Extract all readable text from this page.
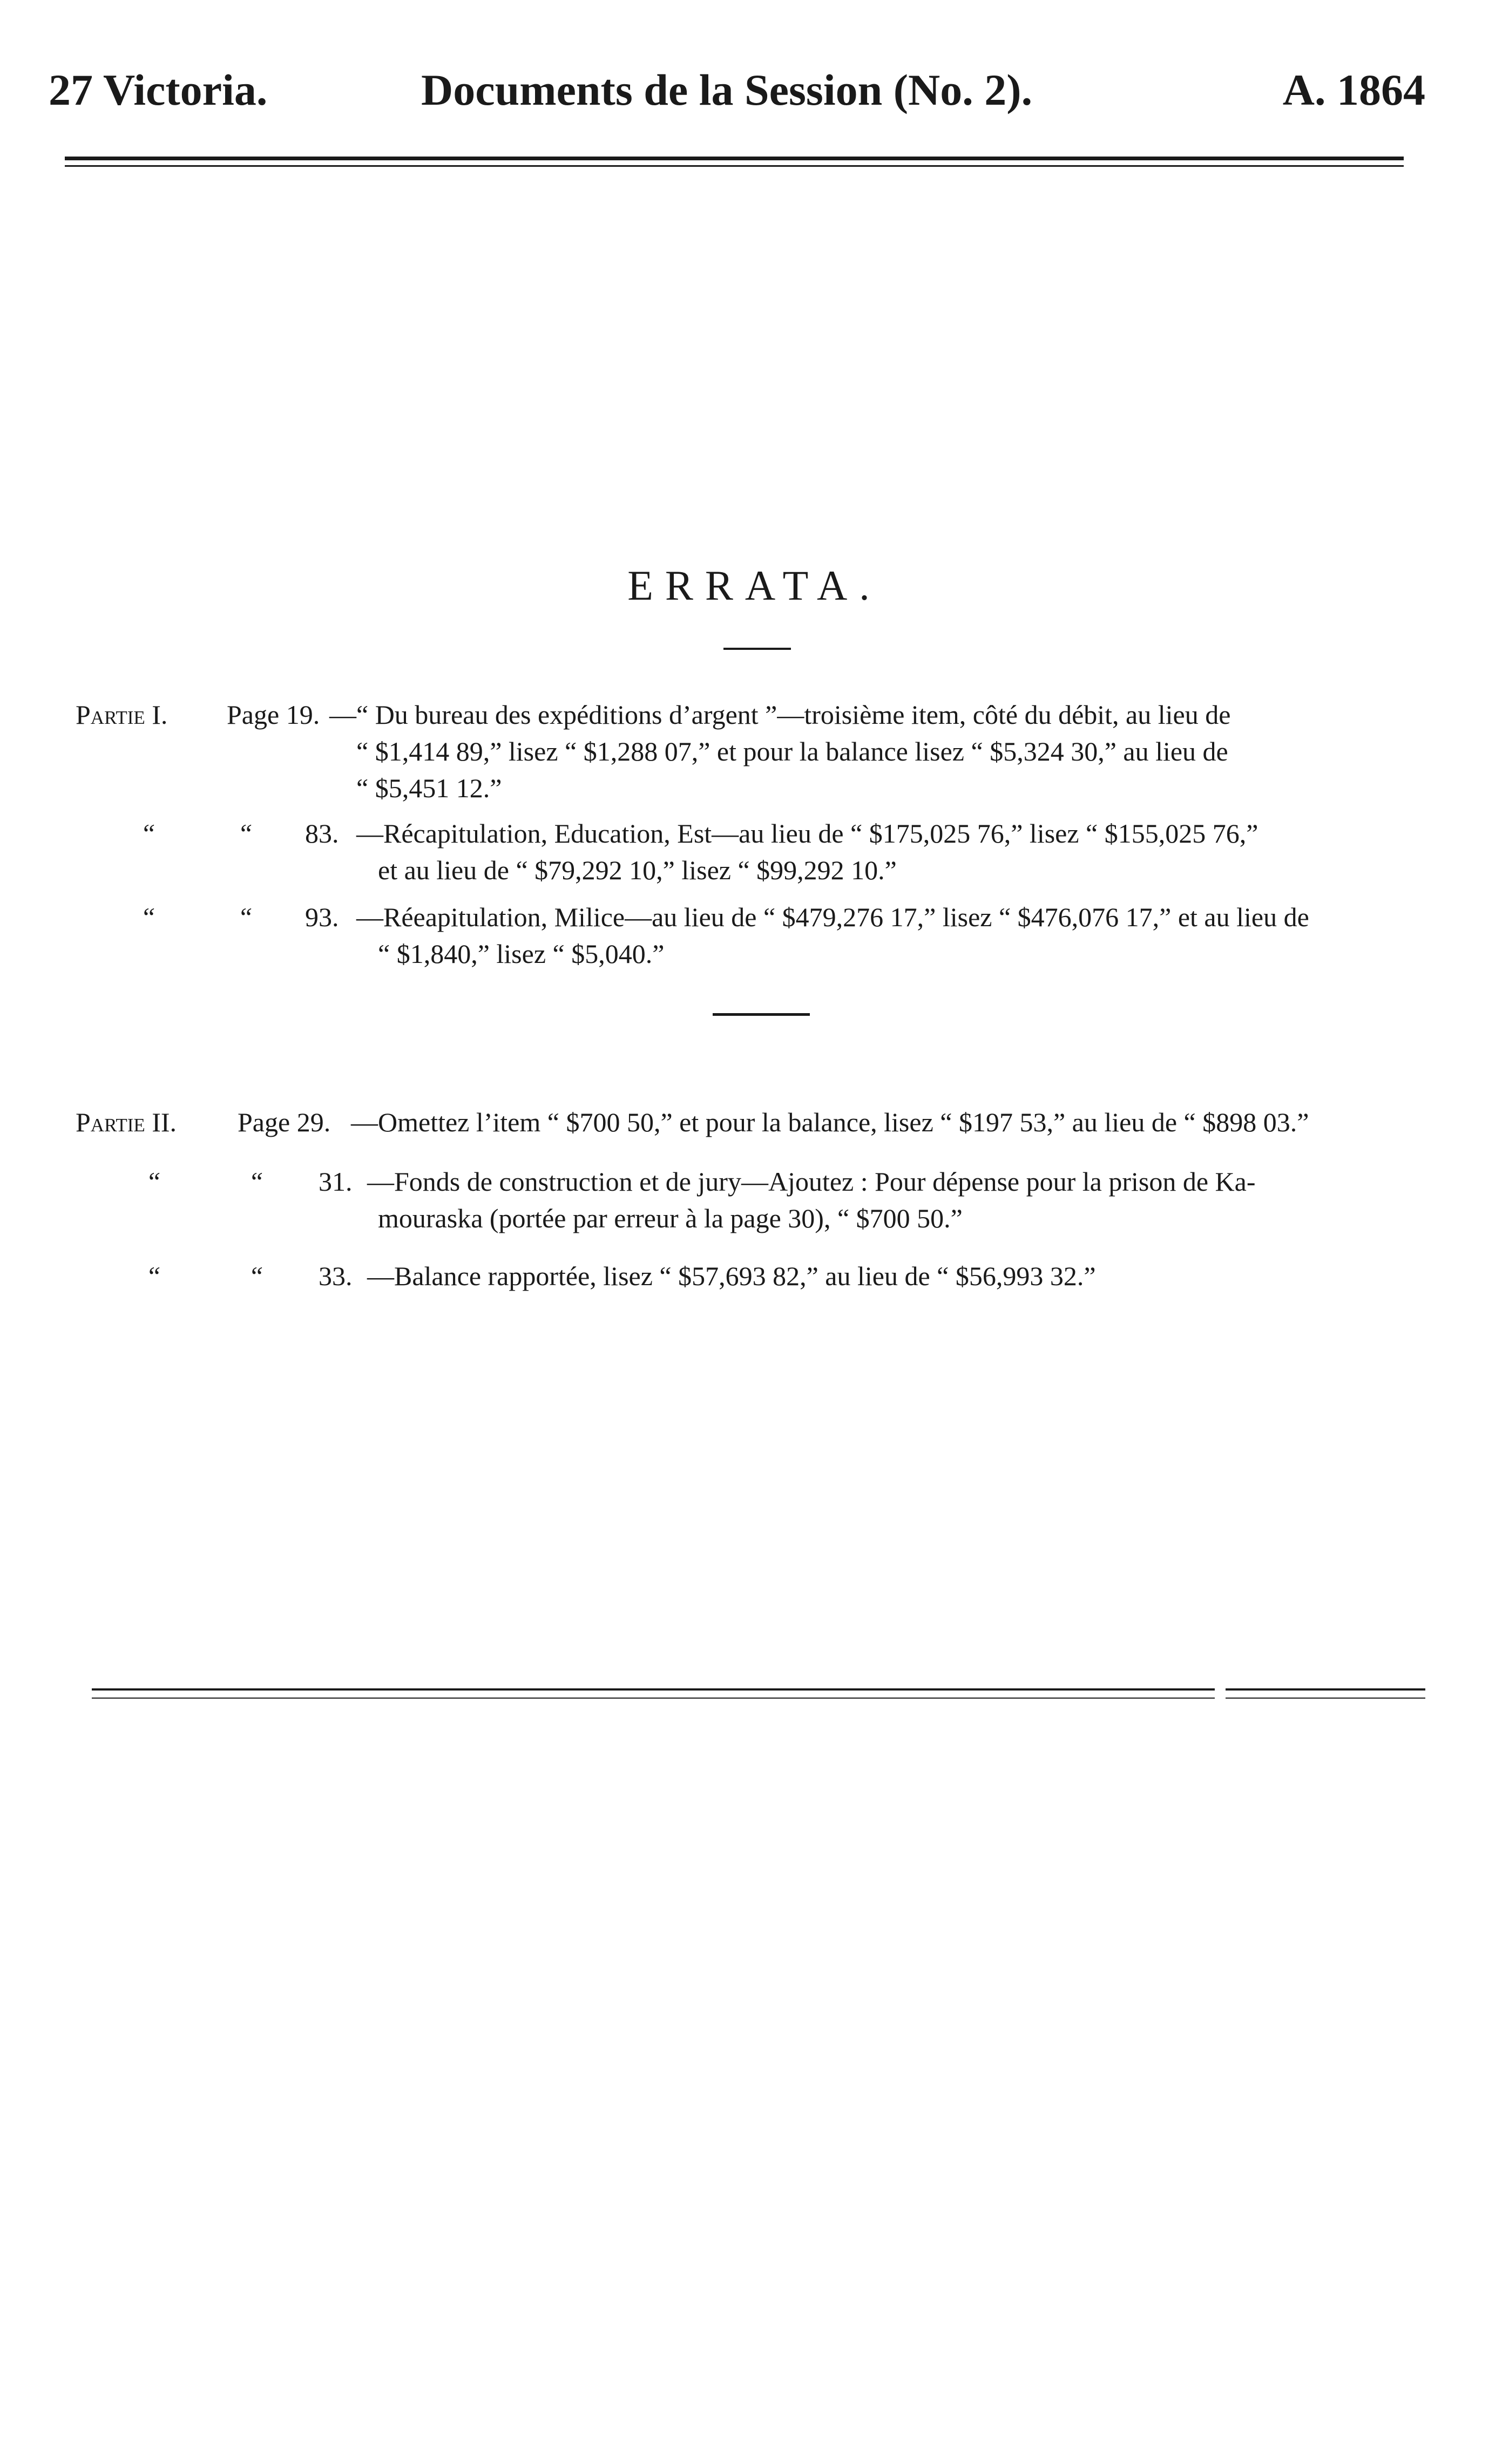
27 Victoria.	Documents de la Session (No. 2).	A. 1864
ERRATA.
Partie I. Page 19. —“ Du bureau des expéditions d’argent ”—troisième item, côté du débit, au lieu de
“ $1,414 89,” lisez “ $1,288 07,” et pour la balance lisez “ $5,324 30,” au lieu de
“ $5,451 12.”
“	“ 83. —Récapitulation, Education, Est—au lieu de “ $175,025 76,” lisez “ $155,025 76,”
et au lieu de “ $79,292 10,” lisez “ $99,292 10.”
“	“ 93. —Réeapitulation, Milice—au lieu de “ $479,276 17,” lisez “ $476,076 17,” et au lieu de
“ $1,840,” lisez “ $5,040.”
Partie II. Page 29. —Omettez l’item “ $700 50,” et pour la balance, lisez “ $197 53,” au lieu de “ $898 03.”
“	“ 31. —Fonds de construction et de jury—Ajoutez : Pour dépense pour la prison de Ka-
mouraska (portée par erreur à la page 30), “ $700 50.”
“	“ 33. —Balance rapportée, lisez “ $57,693 82,” au lieu de “ $56,993 32.”
